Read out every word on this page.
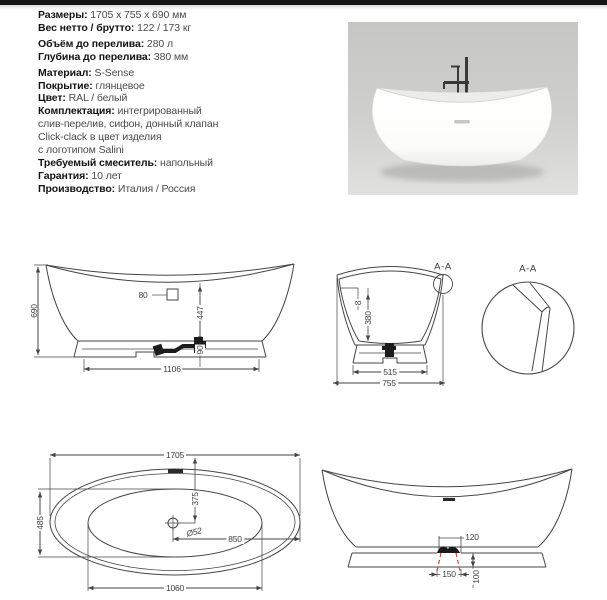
Размеры: 1705 x 755 x 690 мм
Вес нетто / брутто: 122 / 173 кг
Объём до перелива: 280 л
Глубина до перелива: 380 мм
Материал: S-Sense
Покрытие: глянцевое
Цвет: RAL / белый
Комплектация: интегрированный
слив-перелив, сифон, донный клапан
Click-clack в цвет изделия
с логотипом Salini
Требуемый смеситель: напольный
Гарантия: 10 лет
Производство: Италия / Россия
690
80
447
90
1106
A-A
8
380
515
755
A-A
1705
485
375
Ø52
850
1060
120
150 100
